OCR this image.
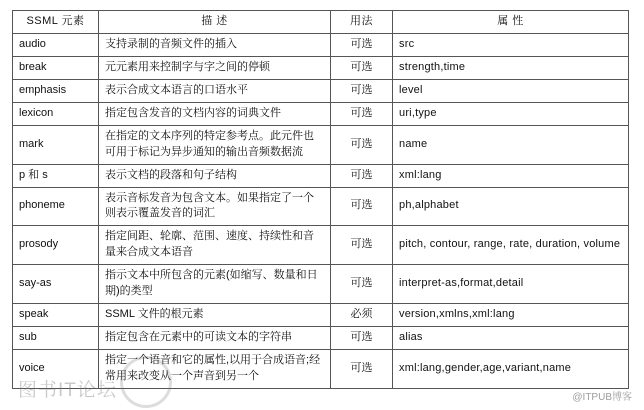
SSML 元素	描 述	用法	属 性
audio	支持录制的音频文件的插入	可选	src
break	元元素用来控制字与字之间的停顿	可选	strength,time
emphasis	表示合成文本语言的口语水平	可选	level
lexicon	指定包含发音的文档内容的词典文件	可选	uri,type
mark	在指定的文本序列的特定参考点。此元件也可用于标记为异步通知的输出音频数据流	可选	name
p 和 s	表示文档的段落和句子结构	可选	xml:lang
phoneme	表示音标发音为包含文本。如果指定了一个则表示覆盖发音的词汇	可选	ph,alphabet
prosody	指定间距、轮廓、范围、速度、持续性和音量来合成文本语音	可选	pitch, contour, range, rate, duration, volume
say-as	指示文本中所包含的元素(如缩写、数量和日期)的类型	可选	interpret-as,format,detail
speak	SSML 文件的根元素	必须	version,xmlns,xml:lang
sub	指定包含在元素中的可读文本的字符串	可选	alias
voice	指定一个语音和它的属性,以用于合成语音;经常用来改变从一个声音到另一个	可选	xml:lang,gender,age,variant,name
图书IT论坛	@ITPUB博客
